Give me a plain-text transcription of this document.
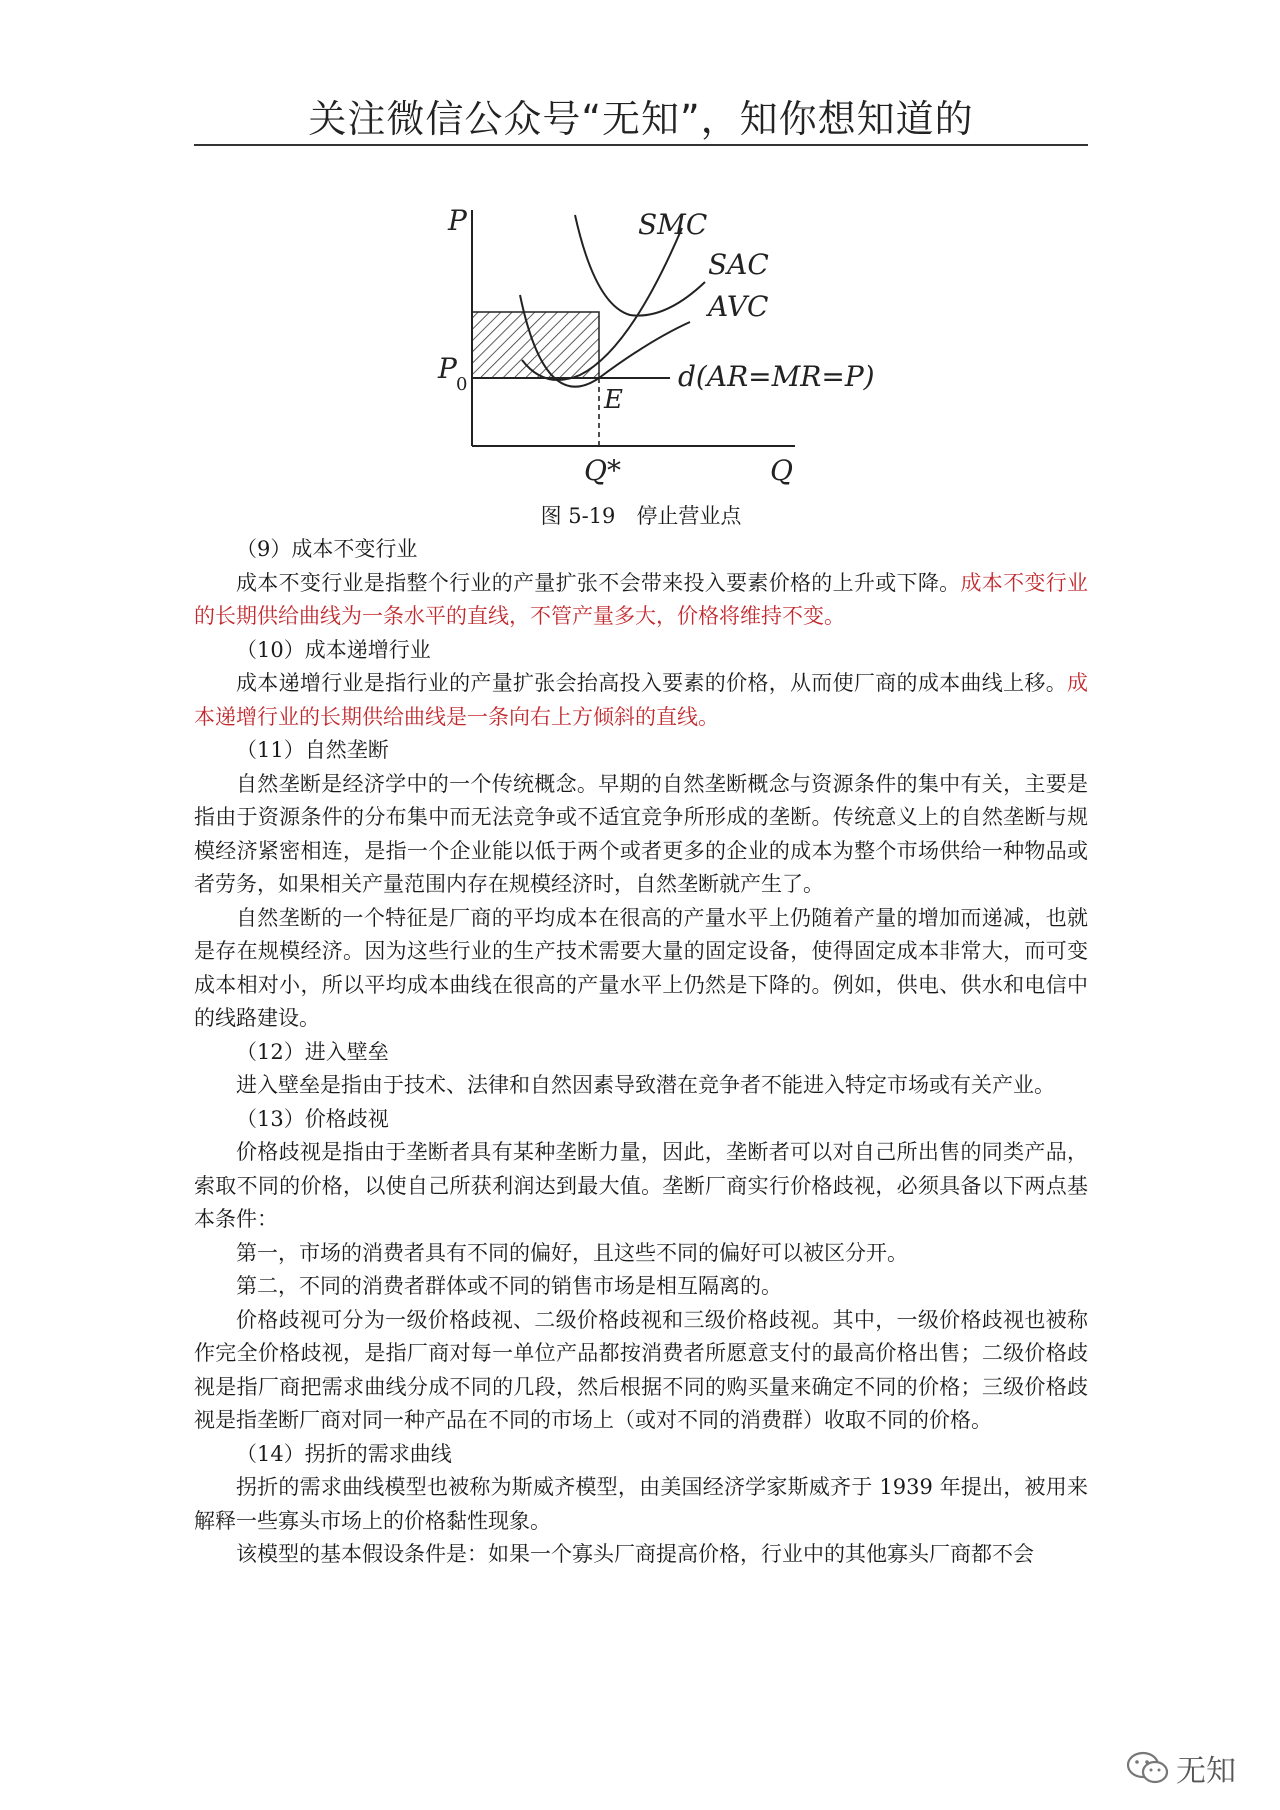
关注微信公众号“无知”，知你想知道的
P
Q
P 0
SMC
SAC
AVC
d(AR=MR=P)
E
Q*
图 5-19　停止营业点

（9）成本不变行业

成本不变行业是指整个行业的产量扩张不会带来投入要素价格的上升或下降。成本不变行业的长期供给曲线为一条水平的直线，不管产量多大，价格将维持不变。

（10）成本递增行业

成本递增行业是指行业的产量扩张会抬高投入要素的价格，从而使厂商的成本曲线上移。成本递增行业的长期供给曲线是一条向右上方倾斜的直线。

（11）自然垄断

自然垄断是经济学中的一个传统概念。早期的自然垄断概念与资源条件的集中有关，主要是指由于资源条件的分布集中而无法竞争或不适宜竞争所形成的垄断。传统意义上的自然垄断与规模经济紧密相连，是指一个企业能以低于两个或者更多的企业的成本为整个市场供给一种物品或者劳务，如果相关产量范围内存在规模经济时，自然垄断就产生了。

自然垄断的一个特征是厂商的平均成本在很高的产量水平上仍随着产量的增加而递减，也就是存在规模经济。因为这些行业的生产技术需要大量的固定设备，使得固定成本非常大，而可变成本相对小，所以平均成本曲线在很高的产量水平上仍然是下降的。例如，供电、供水和电信中的线路建设。

（12）进入壁垒

进入壁垒是指由于技术、法律和自然因素导致潜在竞争者不能进入特定市场或有关产业。

（13）价格歧视

价格歧视是指由于垄断者具有某种垄断力量，因此，垄断者可以对自己所出售的同类产品，索取不同的价格，以使自己所获利润达到最大值。垄断厂商实行价格歧视，必须具备以下两点基本条件：

第一，市场的消费者具有不同的偏好，且这些不同的偏好可以被区分开。

第二，不同的消费者群体或不同的销售市场是相互隔离的。

价格歧视可分为一级价格歧视、二级价格歧视和三级价格歧视。其中，一级价格歧视也被称作完全价格歧视，是指厂商对每一单位产品都按消费者所愿意支付的最高价格出售；二级价格歧视是指厂商把需求曲线分成不同的几段，然后根据不同的购买量来确定不同的价格；三级价格歧视是指垄断厂商对同一种产品在不同的市场上（或对不同的消费群）收取不同的价格。

（14）拐折的需求曲线

拐折的需求曲线模型也被称为斯威齐模型，由美国经济学家斯威齐于 1939 年提出，被用来解释一些寡头市场上的价格黏性现象。

该模型的基本假设条件是：如果一个寡头厂商提高价格，行业中的其他寡头厂商都不会

无知
